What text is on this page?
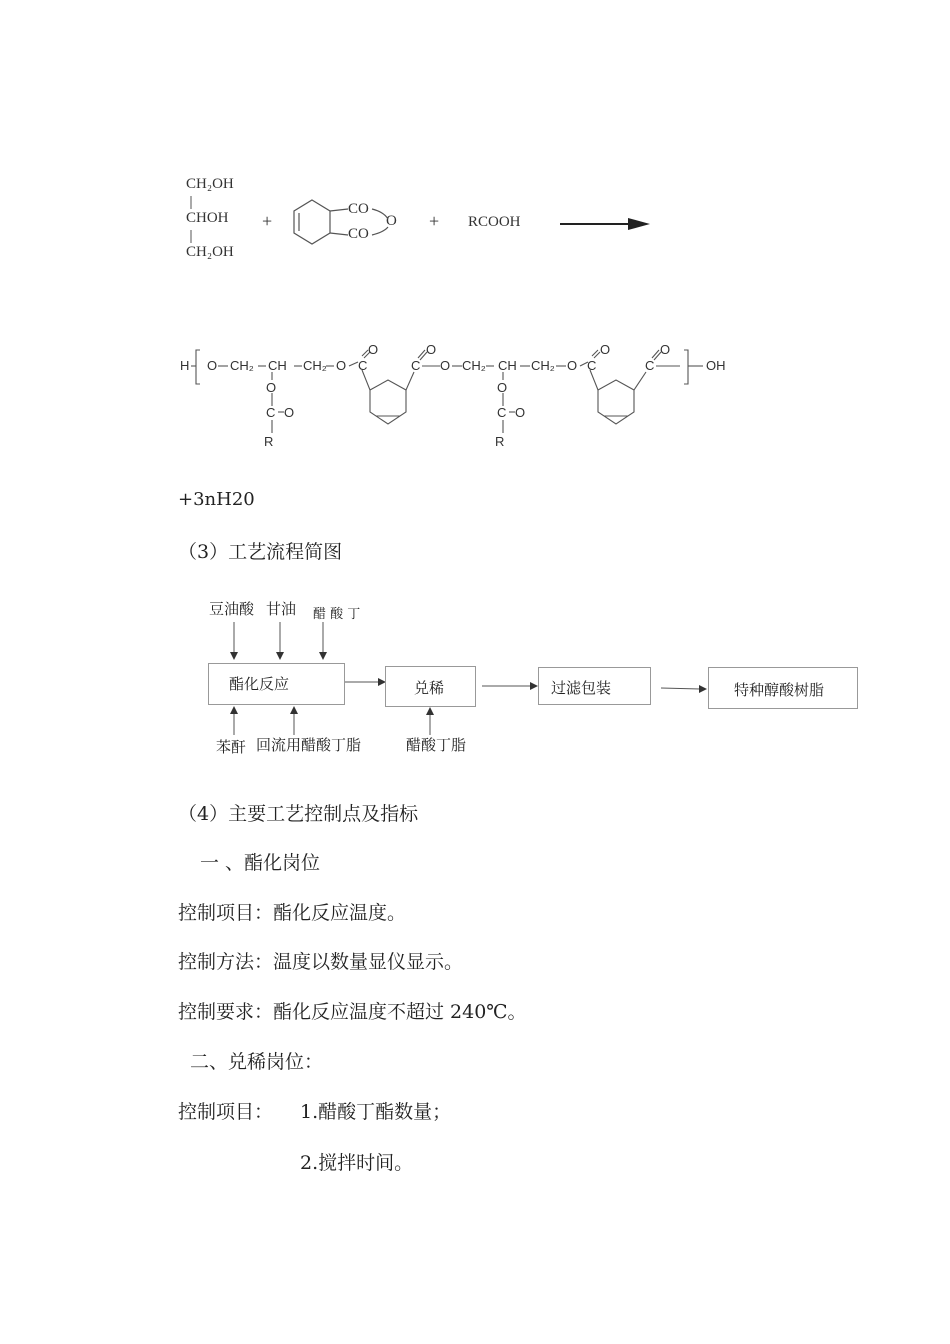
CH₂OH
CHOH
CH₂OH
+
CO
CO
O + RCOOH
H O CH₂ CH CH₂ O C
O
O
C O
R
C
O
O CH₂ CH CH₂ O C
O
O
C O
R
C
O
OH
+3nH20
（3）工艺流程简图
豆油酸 甘油 醋 酸 丁
酯化反应	兑稀	过滤包装	特种醇酸树脂
苯酐 回流用醋酸丁脂	醋酸丁脂
（4）主要工艺控制点及指标
一 、酯化岗位
控制项目：酯化反应温度。
控制方法：温度以数量显仪显示。
控制要求：酯化反应温度不超过 240℃。
二、兑稀岗位：
控制项目： 1.醋酸丁酯数量；
2.搅拌时间。
